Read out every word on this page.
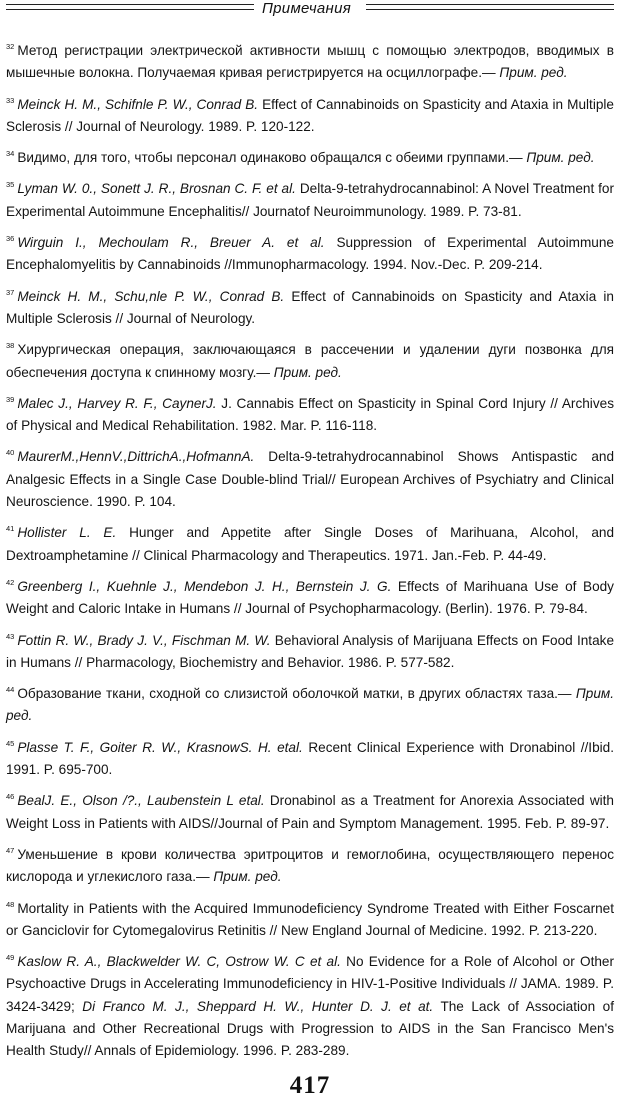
Примечания

$^{32}$ Метод регистрации электрической активности мышц с помощью электродов, вводимых в мышечные волокна. Получаемая кривая регистрируется на осциллографе.— Прим. ред.

$^{33}$ Meinck H. M., Schifnle P. W., Conrad B. Effect of Cannabinoids on Spasticity and Ataxia in Multiple Sclerosis // Journal of Neurology. 1989. P. 120-122.

$^{34}$ Видимо, для того, чтобы персонал одинаково обращался с обеими группами.— Прим. ред.

$^{35}$ Lyman W. 0., Sonett J. R., Brosnan C. F. et al. Delta-9-tetrahydrocannabinol: A Novel Treatment for Experimental Autoimmune Encephalitis// Journatof Neuroimmunology. 1989. P. 73-81.

$^{36}$ Wirguin I., Mechoulam R., Breuer A. et al. Suppression of Experimental Autoimmune Encephalomyelitis by Cannabinoids //Immunopharmacology. 1994. Nov.-Dec. P. 209-214.

$^{37}$ Meinck H. M., Schu,nle P. W., Conrad B. Effect of Cannabinoids on Spasticity and Ataxia in Multiple Sclerosis // Journal of Neurology.

$^{38}$ Хирургическая операция, заключающаяся в рассечении и удалении дуги позвонка для обеспечения доступа к спинному мозгу.— Прим. ред.

$^{39}$ Malec J., Harvey R. F., CaynerJ. J. Cannabis Effect on Spasticity in Spinal Cord Injury // Archives of Physical and Medical Rehabilitation. 1982. Mar. P. 116-118.

$^{40}$ MaurerM.,HennV.,DittrichA.,HofmannA. Delta-9-tetrahydrocannabinol Shows Antispastic and Analgesic Effects in a Single Case Double-blind Trial// European Archives of Psychiatry and Clinical Neuroscience. 1990. P. 104.

$^{41}$ Hollister L. E. Hunger and Appetite after Single Doses of Marihuana, Alcohol, and Dextroamphetamine // Clinical Pharmacology and Therapeutics. 1971. Jan.-Feb. P. 44-49.

$^{42}$ Greenberg I., Kuehnle J., Mendebon J. H., Bernstein J. G. Effects of Marihuana Use of Body Weight and Caloric Intake in Humans // Journal of Psychopharmacology. (Berlin). 1976. P. 79-84.

$^{43}$ Fottin R. W., Brady J. V., Fischman M. W. Behavioral Analysis of Marijuana Effects on Food Intake in Humans // Pharmacology, Biochemistry and Behavior. 1986. P. 577-582.

$^{44}$ Образование ткани, сходной со слизистой оболочкой матки, в других областях таза.— Прим. ред.

$^{45}$ Plasse T. F., Goiter R. W., KrasnowS. H. etal. Recent Clinical Experience with Dronabinol //Ibid. 1991. P. 695-700.

$^{46}$ BealJ. E., Olson /?., Laubenstein L etal. Dronabinol as a Treatment for Anorexia Associated with Weight Loss in Patients with AIDS//Journal of Pain and Symptom Management. 1995. Feb. P. 89-97.

$^{47}$ Уменьшение в крови количества эритроцитов и гемоглобина, осуществляющего перенос кислорода и углекислого газа.— Прим. ред.

$^{48}$ Mortality in Patients with the Acquired Immunodeficiency Syndrome Treated with Either Foscarnet or Ganciclovir for Cytomegalovirus Retinitis // New England Journal of Medicine. 1992. P. 213-220.

$^{49}$ Kaslow R. A., Blackwelder W. C, Ostrow W. C et al. No Evidence for a Role of Alcohol or Other Psychoactive Drugs in Accelerating Immunodeficiency in HIV-1-Positive Individuals // JAMA. 1989. P. 3424-3429; Di Franco M. J., Sheppard H. W., Hunter D. J. et at. The Lack of Association of Marijuana and Other Recreational Drugs with Progression to AIDS in the San Francisco Men's Health Study// Annals of Epidemiology. 1996. P. 283-289.

417
